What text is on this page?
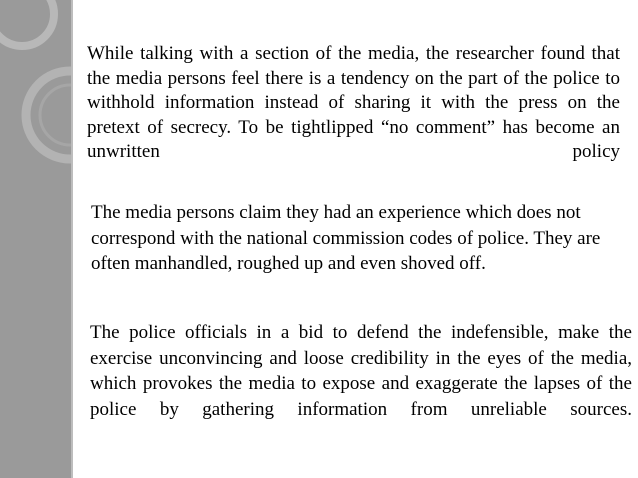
While talking with a section of the media, the researcher found that the media persons feel there is a tendency on the part of the police to withhold information instead of sharing it with the press on the pretext of secrecy. To be tightlipped “no comment” has become an unwritten policy

The media persons claim they had an experience which does not correspond with the national commission codes of police. They are often manhandled, roughed up and even shoved off.

The police officials in a bid to defend the indefensible, make the exercise unconvincing and loose credibility in the eyes of the media, which provokes the media to expose and exaggerate the lapses of the police by gathering information from unreliable sources.
